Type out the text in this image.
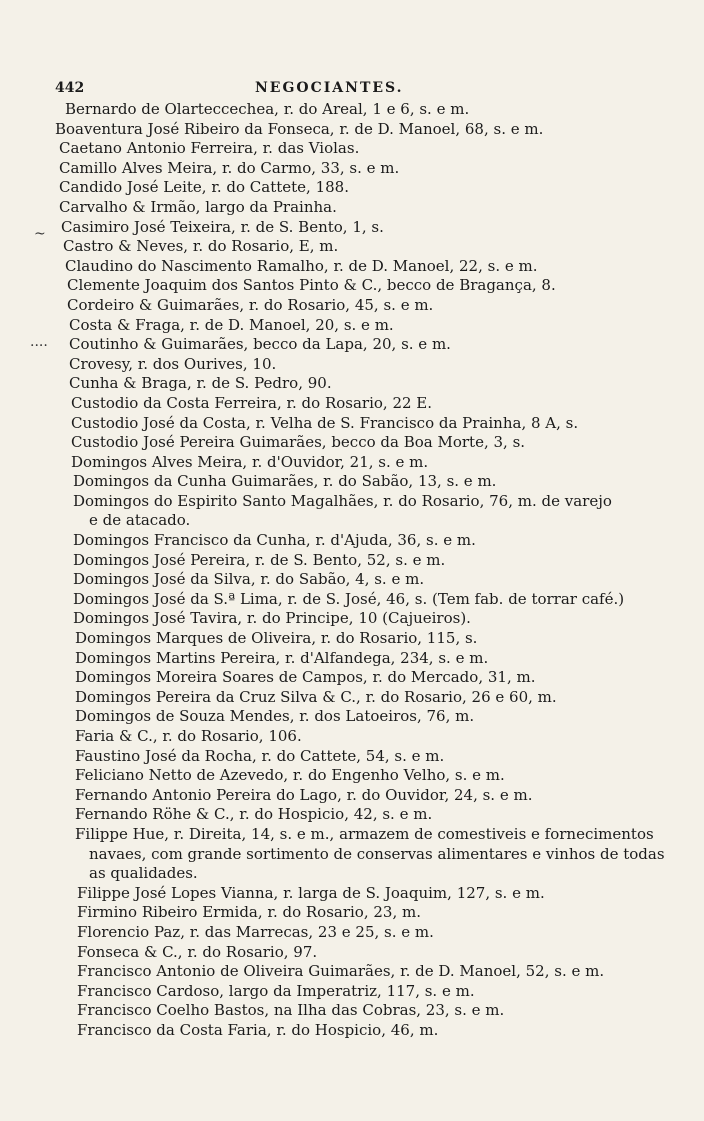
442	NEGOCIANTES.
~
....
Bernardo de Olarteccechea, r. do Areal, 1 e 6, s. e m.
Boaventura José Ribeiro da Fonseca, r. de D. Manoel, 68, s. e m.
Caetano Antonio Ferreira, r. das Violas.
Camillo Alves Meira, r. do Carmo, 33, s. e m.
Candido José Leite, r. do Cattete, 188.
Carvalho & Irmão, largo da Prainha.
Casimiro José Teixeira, r. de S. Bento, 1, s.
Castro & Neves, r. do Rosario, E, m.
Claudino do Nascimento Ramalho, r. de D. Manoel, 22, s. e m.
Clemente Joaquim dos Santos Pinto & C., becco de Bragança, 8.
Cordeiro & Guimarães, r. do Rosario, 45, s. e m.
Costa & Fraga, r. de D. Manoel, 20, s. e m.
Coutinho & Guimarães, becco da Lapa, 20, s. e m.
Crovesy, r. dos Ourives, 10.
Cunha & Braga, r. de S. Pedro, 90.
Custodio da Costa Ferreira, r. do Rosario, 22 E.
Custodio José da Costa, r. Velha de S. Francisco da Prainha, 8 A, s.
Custodio José Pereira Guimarães, becco da Boa Morte, 3, s.
Domingos Alves Meira, r. d'Ouvidor, 21, s. e m.
Domingos da Cunha Guimarães, r. do Sabão, 13, s. e m.
Domingos do Espirito Santo Magalhães, r. do Rosario, 76, m. de varejo
e de atacado.
Domingos Francisco da Cunha, r. d'Ajuda, 36, s. e m.
Domingos José Pereira, r. de S. Bento, 52, s. e m.
Domingos José da Silva, r. do Sabão, 4, s. e m.
Domingos José da S.ª Lima, r. de S. José, 46, s. (Tem fab. de torrar café.)
Domingos José Tavira, r. do Principe, 10 (Cajueiros).
Domingos Marques de Oliveira, r. do Rosario, 115, s.
Domingos Martins Pereira, r. d'Alfandega, 234, s. e m.
Domingos Moreira Soares de Campos, r. do Mercado, 31, m.
Domingos Pereira da Cruz Silva & C., r. do Rosario, 26 e 60, m.
Domingos de Souza Mendes, r. dos Latoeiros, 76, m.
Faria & C., r. do Rosario, 106.
Faustino José da Rocha, r. do Cattete, 54, s. e m.
Feliciano Netto de Azevedo, r. do Engenho Velho, s. e m.
Fernando Antonio Pereira do Lago, r. do Ouvidor, 24, s. e m.
Fernando Röhe & C., r. do Hospicio, 42, s. e m.
Filippe Hue, r. Direita, 14, s. e m., armazem de comestiveis e fornecimentos navaes, com grande sortimento de conservas alimentares e vinhos de todas as qualidades.
Filippe José Lopes Vianna, r. larga de S. Joaquim, 127, s. e m.
Firmino Ribeiro Ermida, r. do Rosario, 23, m.
Florencio Paz, r. das Marrecas, 23 e 25, s. e m.
Fonseca & C., r. do Rosario, 97.
Francisco Antonio de Oliveira Guimarães, r. de D. Manoel, 52, s. e m.
Francisco Cardoso, largo da Imperatriz, 117, s. e m.
Francisco Coelho Bastos, na Ilha das Cobras, 23, s. e m.
Francisco da Costa Faria, r. do Hospicio, 46, m.
